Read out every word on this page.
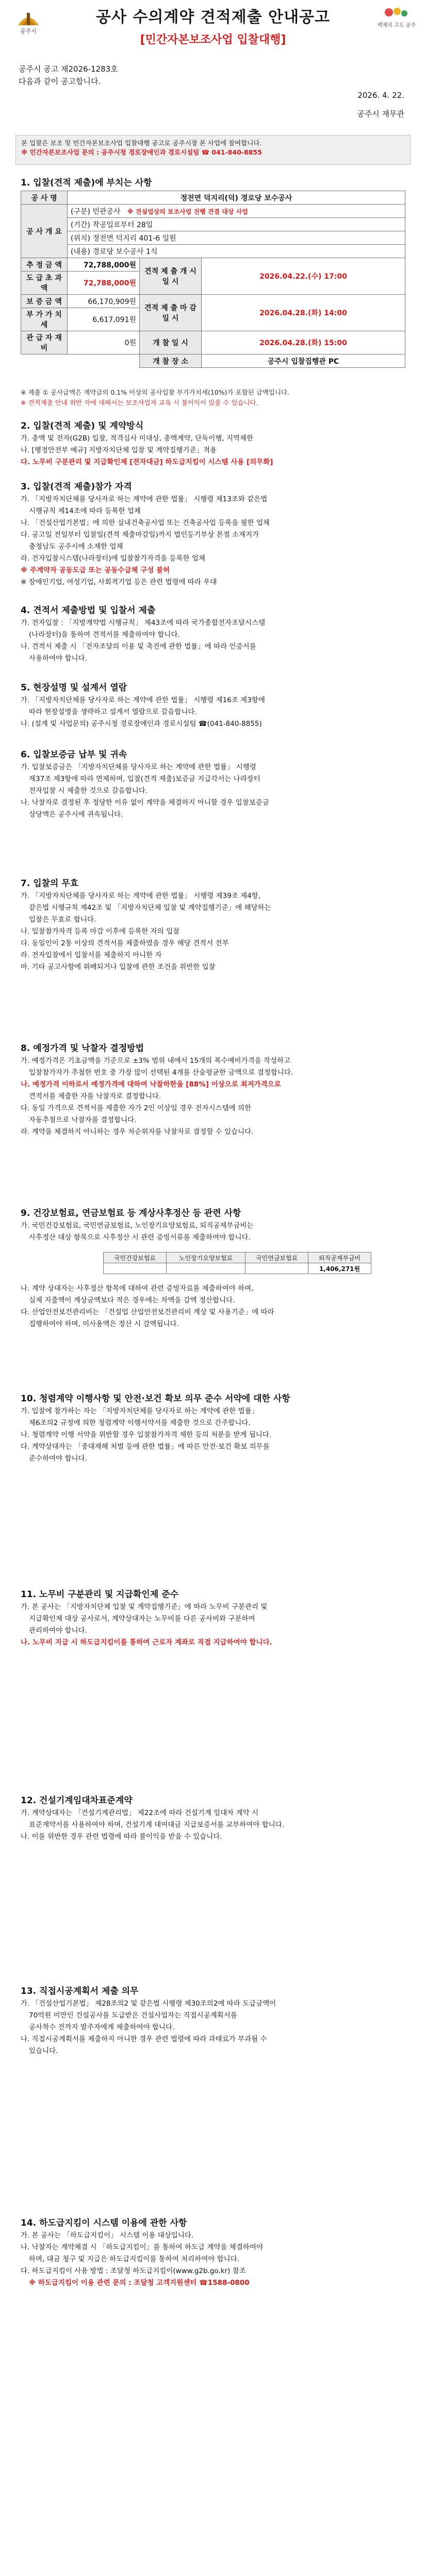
공주시
공사 수의계약 견적제출 안내공고
[민간자본보조사업 입찰대행]
백제의 고도 공주
공주시 공고 제2026-1283호
다음과 같이 공고합니다.
2026. 4. 22.
공주시 재무관
본 입찰은 보조 및 민간자본보조사업 입찰대행 공고로 공주시장 본 사업에 참여합니다.
※ 민간자본보조사업 문의 : 공주시청 경로장애인과 경로시설팀 ☎ 041-840-8855
1. 입찰(견적 제출)에 부치는 사항
공 사 명	정전면 덕지리(덕) 경로당 보수공사		
공 사 개 요	(구분) 민관공사 ※ 견설업상의 보조사업 진행 견결 대상 사업		
	(기간) 착공일로부터 28일		
	(위치) 정전면 덕지리 401-6 일원		
	(내용) 경로당 보수공사 1식		
추 정 금 액	72,788,000원	견적 제 출 개 시 일 시	2026.04.22.(수) 17:00
도 급 초 과 액	72,788,000원		
보 증 금 액	66,170,909원	견적 제 출 마 감 일 시	2026.04.28.(화) 14:00
부 가 가 치 세	6,617,091원		
관 급 자 재 비	0원	개 찰 일 시	2026.04.28.(화) 15:00
		개 찰 장 소	공주시 입찰집행관 PC
※ 제출 ① 공사금액은 계약금의 0.1% 이상의 공사입찰 부가가치세(10%)가 포함된 금액입니다.
※ 견적제출 안내 위반 자에 대해서는 보조사업자 교육 시 불이익이 있을 수 있습니다.
2. 입찰(견적 제출) 및 계약방식

가. 총액 및 전자(G2B) 입찰, 적격심사 미대상, 총액계약, 단독이행, 지역제한

나. [행정안전부 예규] 지방자치단체 입찰 및 계약집행기준」적용

다. 노무비 구분관리 및 지급확인제 [전자대금] 하도급지킴이 시스템 사용 [의무화]

3. 입찰(견적 제출)참가 자격

가. 「지방자치단체를 당사자로 하는 계약에 관한 법률」 시행령 제13조와 같은법

시행규칙 제14조에 따라 등록한 업체

나. 「건설산업기본법」에 의한 실내건축공사업 또는 건축공사업 등록을 필한 업체

다. 공고일 전일부터 입찰일(견적 제출마감일)까지 법인등기부상 본점 소재지가

충청남도 공주시에 소재한 업체

라. 전자입찰시스템(나라장터)에 입찰참가자격을 등록한 업체

※ 주계약자 공동도급 또는 공동수급체 구성 불허

※ 장애인기업, 여성기업, 사회적기업 등은 관련 법령에 따라 우대

4. 견적서 제출방법 및 입찰서 제출

가. 전자입찰 : 「지방계약법 시행규칙」 제43조에 따라 국가종합전자조달시스템

(나라장터)을 통하여 견적서를 제출하여야 합니다.

나. 견적서 제출 시 「전자조달의 이용 및 촉진에 관한 법률」에 따라 인증서를

사용하여야 합니다.

5. 현장설명 및 설계서 열람

가. 「지방자치단체를 당사자로 하는 계약에 관한 법률」 시행령 제16조 제3항에

따라 현장설명을 생략하고 설계서 열람으로 갈음합니다.

나. (설계 및 사업문의) 공주시청 경로장애인과 경로시설팀 ☎(041-840-8855)

6. 입찰보증금 납부 및 귀속

가. 입찰보증금은 「지방자치단체를 당사자로 하는 계약에 관한 법률」 시행령

제37조 제3항에 따라 면제하며, 입찰(견적 제출)보증금 지급각서는 나라장터

전자입찰 시 제출한 것으로 갈음합니다.

나. 낙찰자로 결정된 후 정당한 이유 없이 계약을 체결하지 아니할 경우 입찰보증금

상당액은 공주시에 귀속됩니다.

7. 입찰의 무효

가. 「지방자치단체를 당사자로 하는 계약에 관한 법률」 시행령 제39조 제4항,

같은법 시행규칙 제42조 및 「지방자치단체 입찰 및 계약집행기준」에 해당하는

입찰은 무효로 합니다.

나. 입찰참가자격 등록 마감 이후에 등록한 자의 입찰

다. 동일인이 2통 이상의 견적서를 제출하였을 경우 해당 견적서 전부

라. 전자입찰에서 입찰서를 제출하지 아니한 자

마. 기타 공고사항에 위배되거나 입찰에 관한 조건을 위반한 입찰

8. 예정가격 및 낙찰자 결정방법

가. 예정가격은 기초금액을 기준으로 ±3% 범위 내에서 15개의 복수예비가격을 작성하고

입찰참가자가 추첨한 번호 중 가장 많이 선택된 4개를 산술평균한 금액으로 결정합니다.

나. 예정가격 이하로서 예정가격에 대하여 낙찰하한율 [88%] 이상으로 최저가격으로

견적서를 제출한 자를 낙찰자로 결정합니다.

다. 동일 가격으로 견적서를 제출한 자가 2인 이상일 경우 전자시스템에 의한

자동추첨으로 낙찰자를 결정합니다.

라. 계약을 체결하지 아니하는 경우 차순위자를 낙찰자로 결정할 수 있습니다.

9. 건강보험료, 연금보험료 등 계상사후정산 등 관련 사항

가. 국민건강보험료, 국민연금보험료, 노인장기요양보험료, 퇴직공제부금비는

사후정산 대상 항목으로 사후정산 시 관련 증빙서류를 제출하여야 합니다.

국민건강보험료	노인장기요양보험료	국민연금보험료	퇴직공제부금비
			1,406,271원

나. 계약 상대자는 사후정산 항목에 대하여 관련 증빙자료를 제출하여야 하며,

실제 지출액이 계상금액보다 적은 경우에는 차액을 감액 정산합니다.

다. 산업안전보건관리비는 「건설업 산업안전보건관리비 계상 및 사용기준」에 따라

집행하여야 하며, 미사용액은 정산 시 감액됩니다.

10. 청렴계약 이행사항 및 안전·보건 확보 의무 준수 서약에 대한 사항

가. 입찰에 참가하는 자는 「지방자치단체를 당사자로 하는 계약에 관한 법률」

제6조의2 규정에 의한 청렴계약 이행서약서를 제출한 것으로 간주합니다.

나. 청렴계약 이행 서약을 위반할 경우 입찰참가자격 제한 등의 처분을 받게 됩니다.

다. 계약상대자는 「중대재해 처벌 등에 관한 법률」에 따른 안전·보건 확보 의무를

준수하여야 합니다.

11. 노무비 구분관리 및 지급확인제 준수

가. 본 공사는 「지방자치단체 입찰 및 계약집행기준」에 따라 노무비 구분관리 및

지급확인제 대상 공사로서, 계약상대자는 노무비를 다른 공사비와 구분하여

관리하여야 합니다.

나. 노무비 지급 시 하도급지킴이를 통하여 근로자 계좌로 직접 지급하여야 합니다.

12. 건설기계임대차표준계약

가. 계약상대자는 「건설기계관리법」 제22조에 따라 건설기계 임대차 계약 시

표준계약서를 사용하여야 하며, 건설기계 대여대금 지급보증서를 교부하여야 합니다.

나. 이를 위반한 경우 관련 법령에 따라 불이익을 받을 수 있습니다.

13. 직접시공계획서 제출 의무

가. 「건설산업기본법」 제28조의2 및 같은법 시행령 제30조의2에 따라 도급금액이

70억원 미만인 건설공사를 도급받은 건설사업자는 직접시공계획서를

공사착수 전까지 발주자에게 제출하여야 합니다.

나. 직접시공계획서를 제출하지 아니한 경우 관련 법령에 따라 과태료가 부과될 수

있습니다.

14. 하도급지킴이 시스템 이용에 관한 사항

가. 본 공사는 「하도급지킴이」 시스템 이용 대상입니다.

나. 낙찰자는 계약체결 시 「하도급지킴이」를 통하여 하도급 계약을 체결하여야

하며, 대금 청구 및 지급은 하도급지킴이를 통하여 처리하여야 합니다.

다. 하도급지킴이 사용 방법 : 조달청 하도급지킴이(www.g2b.go.kr) 참조

※ 하도급지킴이 이용 관련 문의 : 조달청 고객지원센터 ☎1588-0800
